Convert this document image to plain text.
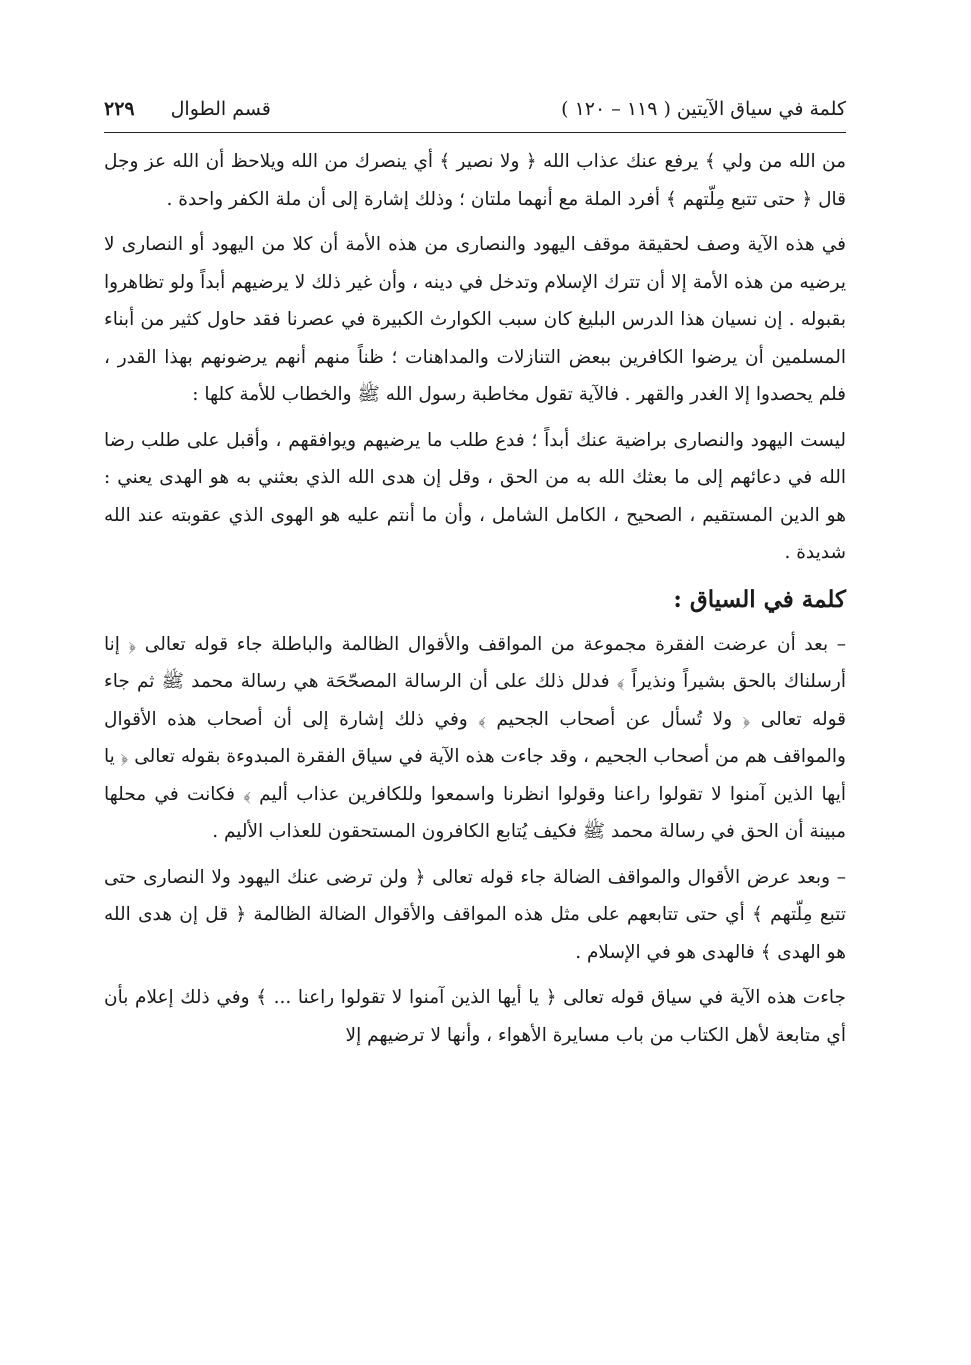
كلمة في سياق الآيتين ( ١١٩ – ١٢٠ )
قسم الطوال
٢٢٩

من الله من ولي ﴾ يرفع عنك عذاب الله ﴿ ولا نصير ﴾ أي ينصرك من الله ويلاحظ أن الله عز وجل قال ﴿ حتى تتبع مِلّتهم ﴾ أفرد الملة مع أنهما ملتان ؛ وذلك إشارة إلى أن ملة الكفر واحدة .

في هذه الآية وصف لحقيقة موقف اليهود والنصارى من هذه الأمة أن كلا من اليهود أو النصارى لا يرضيه من هذه الأمة إلا أن تترك الإسلام وتدخل في دينه ، وأن غير ذلك لا يرضيهم أبداً ولو تظاهروا بقبوله . إن نسيان هذا الدرس البليغ كان سبب الكوارث الكبيرة في عصرنا فقد حاول كثير من أبناء المسلمين أن يرضوا الكافرين ببعض التنازلات والمداهنات ؛ ظناً منهم أنهم يرضونهم بهذا القدر ، فلم يحصدوا إلا الغدر والقهر . فالآية تقول مخاطبة رسول الله ﷺ والخطاب للأمة كلها :

ليست اليهود والنصارى براضية عنك أبداً ؛ فدع طلب ما يرضيهم ويوافقهم ، وأقبل على طلب رضا الله في دعائهم إلى ما بعثك الله به من الحق ، وقل إن هدى الله الذي بعثني به هو الهدى يعني : هو الدين المستقيم ، الصحيح ، الكامل الشامل ، وأن ما أنتم عليه هو الهوى الذي عقوبته عند الله شديدة .

كلمة في السياق :

– بعد أن عرضت الفقرة مجموعة من المواقف والأقوال الظالمة والباطلة جاء قوله تعالى ﴿ إنا أرسلناك بالحق بشيراً ونذيراً ﴾ فدلل ذلك على أن الرسالة المصحّحَة هي رسالة محمد ﷺ ثم جاء قوله تعالى ﴿ ولا تُسأل عن أصحاب الجحيم ﴾ وفي ذلك إشارة إلى أن أصحاب هذه الأقوال والمواقف هم من أصحاب الجحيم ، وقد جاءت هذه الآية في سياق الفقرة المبدوءة بقوله تعالى ﴿ يا أيها الذين آمنوا لا تقولوا راعنا وقولوا انظرنا واسمعوا وللكافرين عذاب أليم ﴾ فكانت في محلها مبينة أن الحق في رسالة محمد ﷺ فكيف يُتابع الكافرون المستحقون للعذاب الأليم .

– وبعد عرض الأقوال والمواقف الضالة جاء قوله تعالى ﴿ ولن ترضى عنك اليهود ولا النصارى حتى تتبع مِلّتهم ﴾ أي حتى تتابعهم على مثل هذه المواقف والأقوال الضالة الظالمة ﴿ قل إن هدى الله هو الهدى ﴾ فالهدى هو في الإسلام .

جاءت هذه الآية في سياق قوله تعالى ﴿ يا أيها الذين آمنوا لا تقولوا راعنا ... ﴾ وفي ذلك إعلام بأن أي متابعة لأهل الكتاب من باب مسايرة الأهواء ، وأنها لا ترضيهم إلا
